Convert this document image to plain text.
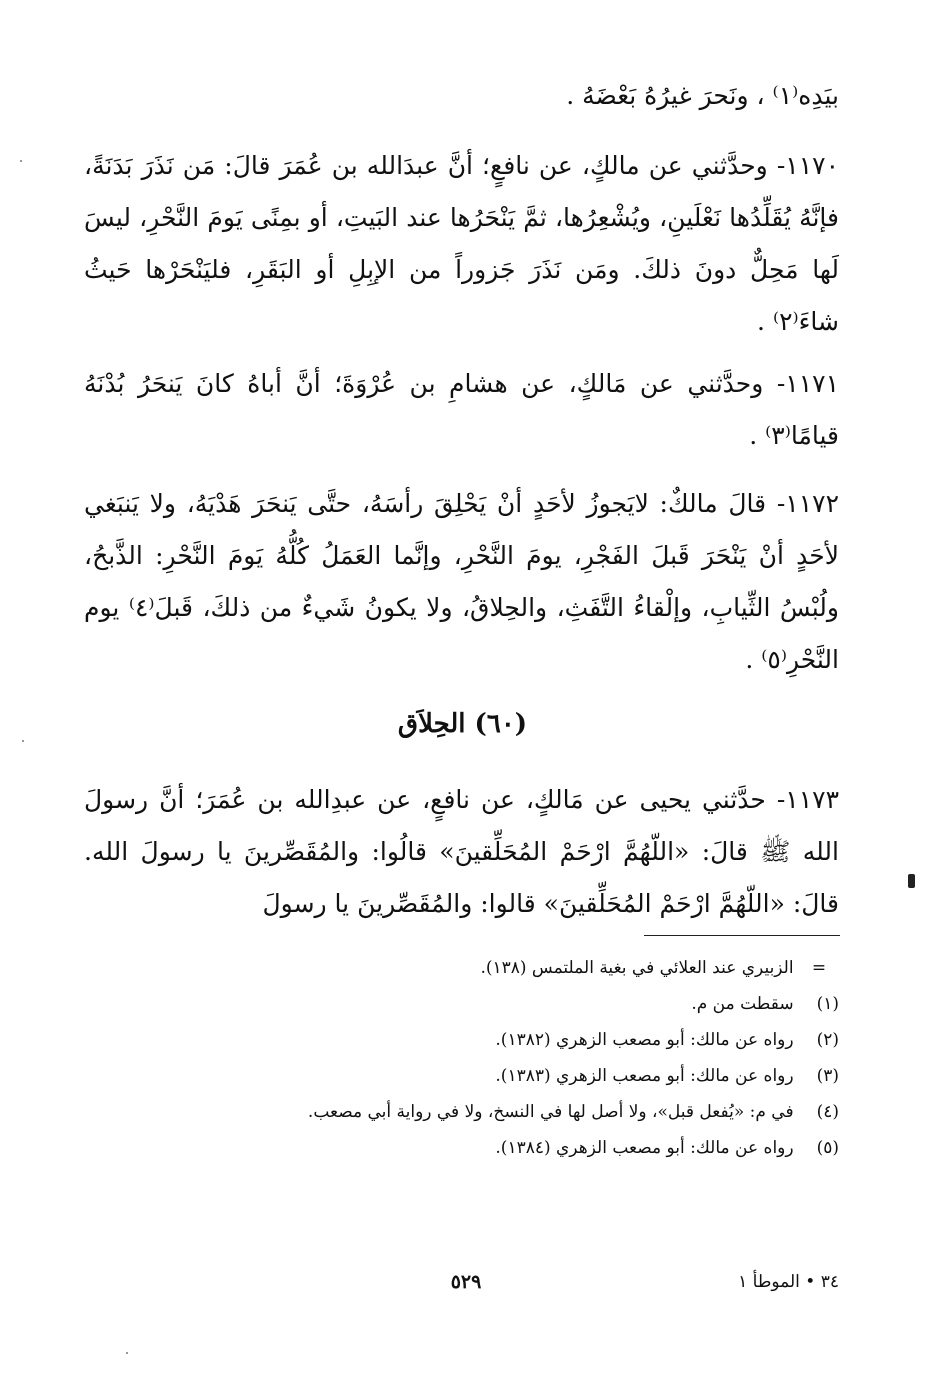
بيَدِه⁽١⁾ ، ونَحرَ غيرُهُ بَعْضَهُ .
١١٧٠- وحدَّثني عن مالكٍ، عن نافعٍ؛ أنَّ عبدَالله بن عُمَرَ قالَ: مَن نَذَرَ بَدَنَةً، فإنَّهُ يُقَلِّدُها نَعْلَينِ، ويُشْعِرُها، ثمَّ يَنْحَرُها عند البَيتِ، أو بمِنًى يَومَ النَّحْرِ، ليسَ لَها مَحِلٌّ دونَ ذلكَ. ومَن نَذَرَ جَزوراً من الإبِلِ أو البَقَرِ، فليَنْحَرْها حَيثُ شاءَ⁽٢⁾ .
١١٧١- وحدَّثني عن مَالكٍ، عن هشامِ بن عُرْوَةَ؛ أنَّ أباهُ كانَ يَنحَرُ بُدْنَهُ قيامًا⁽٣⁾ .
١١٧٢- قالَ مالكٌ: لايَجوزُ لأحَدٍ أنْ يَحْلِقَ رأسَهُ، حتَّى يَنحَرَ هَدْيَهُ، ولا يَنبَغي لأحَدٍ أنْ يَنْحَرَ قَبلَ الفَجْرِ، يومَ النَّحْرِ، وإنَّما العَمَلُ كُلُّهُ يَومَ النَّحْرِ: الذَّبحُ، ولُبْسُ الثِّيابِ، وإلْقاءُ التَّفَثِ، والحِلاقُ، ولا يكونُ شَيءٌ من ذلكَ، قَبلَ⁽٤⁾ يوم النَّحْرِ⁽٥⁾ .
(٦٠) الحِلاَق
١١٧٣- حدَّثني يحيى عن مَالكٍ، عن نافعٍ، عن عبدِالله بن عُمَرَ؛ أنَّ رسولَ الله ﷺ قالَ: «اللّهُمَّ ارْحَمْ المُحَلِّقينَ» قالُوا: والمُقَصِّرينَ يا رسولَ الله. قالَ: «اللّهُمَّ ارْحَمْ المُحَلِّقينَ» قالوا: والمُقَصِّرينَ يا رسولَ
= الزبيري عند العلائي في بغية الملتمس (١٣٨).
(١) سقطت من م.
(٢) رواه عن مالك: أبو مصعب الزهري (١٣٨٢).
(٣) رواه عن مالك: أبو مصعب الزهري (١٣٨٣).
(٤) في م: «يُفعل قبل»، ولا أصل لها في النسخ، ولا في رواية أبي مصعب.
(٥) رواه عن مالك: أبو مصعب الزهري (١٣٨٤).
٥٢٩	٣٤ • الموطأ ١
